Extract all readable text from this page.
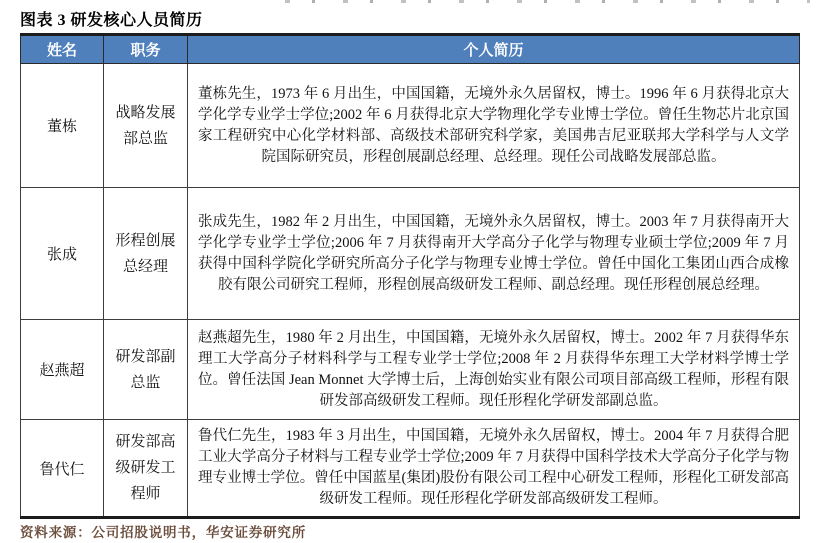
图表 3 研发核心人员简历
姓名	职务	个人简历
董栋	战略发展部总监	董栋先生，1973 年 6 月出生，中国国籍，无境外永久居留权，博士。1996 年 6 月获得北京大学化学专业学士学位;2002 年 6 月获得北京大学物理化学专业博士学位。曾任生物芯片北京国家工程研究中心化学材料部、高级技术部研究科学家，美国弗吉尼亚联邦大学科学与人文学院国际研究员，形程创展副总经理、总经理。现任公司战略发展部总监。
张成	形程创展总经理	张成先生，1982 年 2 月出生，中国国籍，无境外永久居留权，博士。2003 年 7 月获得南开大学化学专业学士学位;2006 年 7 月获得南开大学高分子化学与物理专业硕士学位;2009 年 7 月获得中国科学院化学研究所高分子化学与物理专业博士学位。曾任中国化工集团山西合成橡胶有限公司研究工程师，形程创展高级研发工程师、副总经理。现任形程创展总经理。
赵燕超	研发部副总监	赵燕超先生，1980 年 2 月出生，中国国籍，无境外永久居留权，博士。2002 年 7 月获得华东理工大学高分子材料科学与工程专业学士学位;2008 年 2 月获得华东理工大学材料学博士学位。曾任法国 Jean Monnet 大学博士后，上海创始实业有限公司项目部高级工程师，形程有限研发部高级研发工程师。现任形程化学研发部副总监。
鲁代仁	研发部高级研发工程师	鲁代仁先生，1983 年 3 月出生，中国国籍，无境外永久居留权，博士。2004 年 7 月获得合肥工业大学高分子材料与工程专业学士学位;2009 年 7 月获得中国科学技术大学高分子化学与物理专业博士学位。曾任中国蓝星(集团)股份有限公司工程中心研发工程师，形程化工研发部高级研发工程师。现任形程化学研发部高级研发工程师。
资料来源：公司招股说明书，华安证券研究所
